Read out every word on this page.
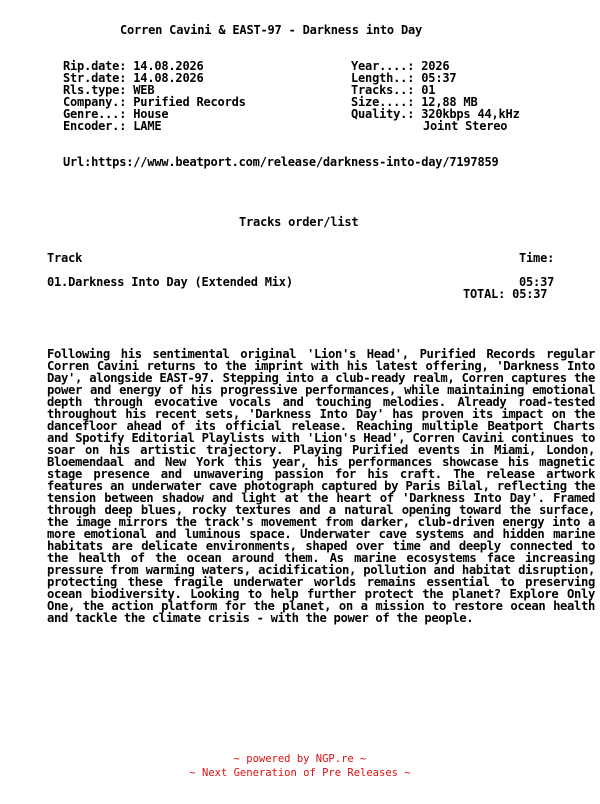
Corren Cavini & EAST-97 - Darkness into Day
Rip.date: 14.08.2026
Str.date: 14.08.2026
Rls.type: WEB
Company.: Purified Records
Genre...: House
Encoder.: LAME
Year....: 2026
Length..: 05:37
Tracks..: 01
Size....: 12,88 MB
Quality.: 320kbps 44,kHz
Joint Stereo
Url:https://www.beatport.com/release/darkness-into-day/7197859
Tracks order/list
Track	Time:
01.Darkness Into Day (Extended Mix)	05:37
TOTAL: 05:37
Following his sentimental original 'Lion's Head', Purified Records regular Corren Cavini returns to the imprint with his latest offering, 'Darkness Into Day', alongside EAST-97. Stepping into a club-ready realm, Corren captures the power and energy of his progressive performances, while maintaining emotional depth through evocative vocals and touching melodies. Already road-tested throughout his recent sets, 'Darkness Into Day' has proven its impact on the dancefloor ahead of its official release. Reaching multiple Beatport Charts and Spotify Editorial Playlists with 'Lion's Head', Corren Cavini continues to soar on his artistic trajectory. Playing Purified events in Miami, London, Bloemendaal and New York this year, his performances showcase his magnetic stage presence and unwavering passion for his craft. The release artwork features an underwater cave photograph captured by Paris Bilal, reflecting the tension between shadow and light at the heart of 'Darkness Into Day'. Framed through deep blues, rocky textures and a natural opening toward the surface, the image mirrors the track's movement from darker, club-driven energy into a more emotional and luminous space. Underwater cave systems and hidden marine habitats are delicate environments, shaped over time and deeply connected to the health of the ocean around them. As marine ecosystems face increasing pressure from warming waters, acidification, pollution and habitat disruption, protecting these fragile underwater worlds remains essential to preserving ocean biodiversity. Looking to help further protect the planet? Explore Only One, the action platform for the planet, on a mission to restore ocean health and tackle the climate crisis - with the power of the people.
~ powered by NGP.re ~
~ Next Generation of Pre Releases ~
